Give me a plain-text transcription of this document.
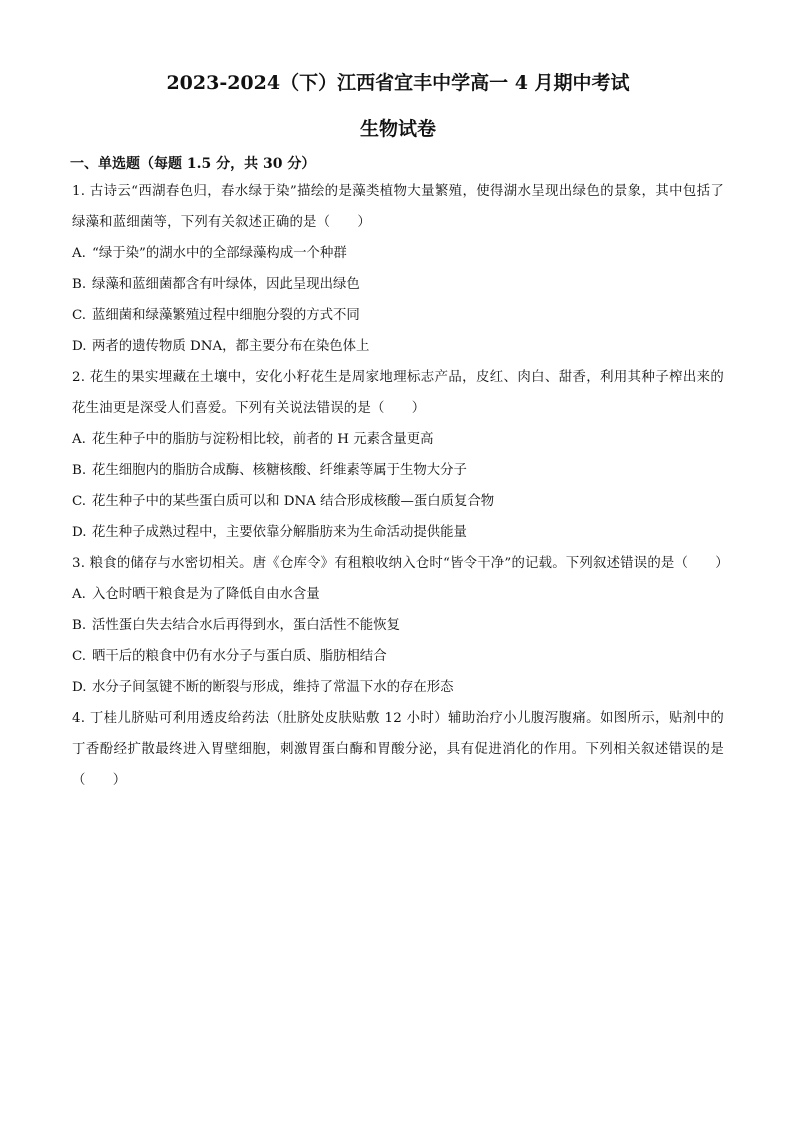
2023-2024（下）江西省宜丰中学高一 4 月期中考试
生物试卷
一、单选题（每题 1.5 分，共 30 分）
1. 古诗云“西湖春色归，春水绿于染”描绘的是藻类植物大量繁殖，使得湖水呈现出绿色的景象，其中包括了绿藻和蓝细菌等，下列有关叙述正确的是（　　）
A. “绿于染”的湖水中的全部绿藻构成一个种群
B. 绿藻和蓝细菌都含有叶绿体，因此呈现出绿色
C. 蓝细菌和绿藻繁殖过程中细胞分裂的方式不同
D. 两者的遗传物质 DNA，都主要分布在染色体上
2. 花生的果实埋藏在土壤中，安化小籽花生是周家地理标志产品，皮红、肉白、甜香，利用其种子榨出来的花生油更是深受人们喜爱。下列有关说法错误的是（　　）
A. 花生种子中的脂肪与淀粉相比较，前者的 H 元素含量更高
B. 花生细胞内的脂肪合成酶、核糖核酸、纤维素等属于生物大分子
C. 花生种子中的某些蛋白质可以和 DNA 结合形成核酸—蛋白质复合物
D. 花生种子成熟过程中，主要依靠分解脂肪来为生命活动提供能量
3. 粮食的储存与水密切相关。唐《仓库令》有租粮收纳入仓时“皆令干净”的记载。下列叙述错误的是（　　）
A. 入仓时晒干粮食是为了降低自由水含量
B. 活性蛋白失去结合水后再得到水，蛋白活性不能恢复
C. 晒干后的粮食中仍有水分子与蛋白质、脂肪相结合
D. 水分子间氢键不断的断裂与形成，维持了常温下水的存在形态
4. 丁桂儿脐贴可利用透皮给药法（肚脐处皮肤贴敷 12 小时）辅助治疗小儿腹泻腹痛。如图所示，贴剂中的丁香酚经扩散最终进入胃壁细胞，刺激胃蛋白酶和胃酸分泌，具有促进消化的作用。下列相关叙述错误的是（　　）
